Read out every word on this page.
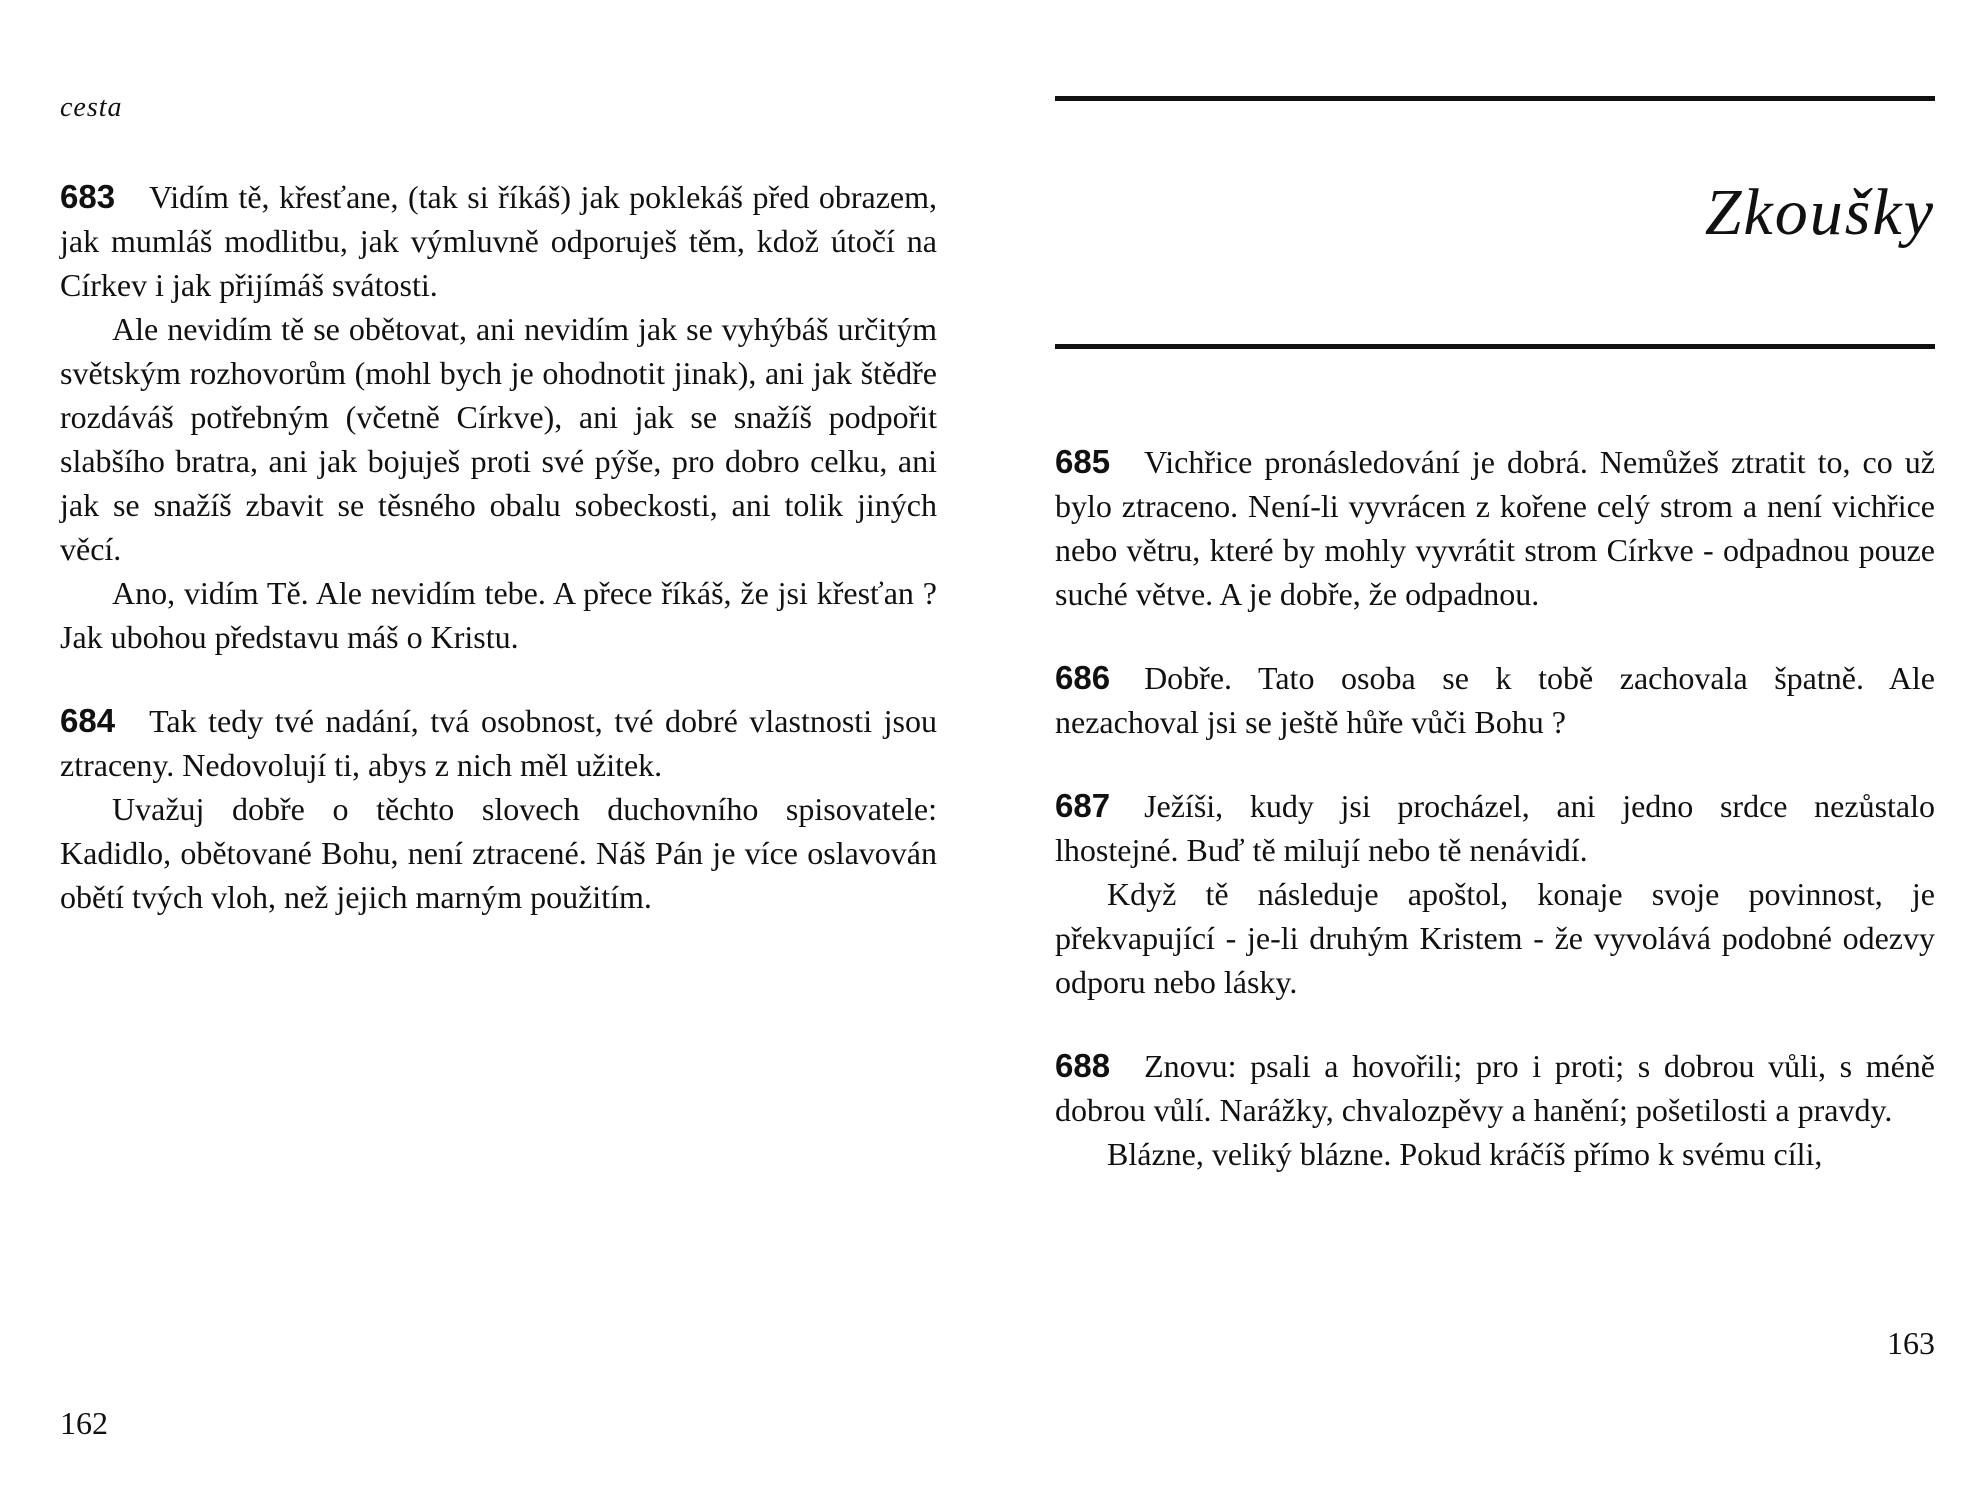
cesta

683 Vidím tě, křesťane, (tak si říkáš) jak poklekáš před obrazem, jak mumláš modlitbu, jak výmluvně odporuješ těm, kdož útočí na Církev i jak přijímáš svátosti.

Ale nevidím tě se obětovat, ani nevidím jak se vyhýbáš určitým světským rozhovorům (mohl bych je ohodnotit jinak), ani jak štědře rozdáváš potřebným (včetně Církve), ani jak se snažíš podpořit slabšího bratra, ani jak bojuješ proti své pýše, pro dobro celku, ani jak se snažíš zbavit se těsného obalu sobeckosti, ani tolik jiných věcí.

Ano, vidím Tě. Ale nevidím tebe. A přece říkáš, že jsi křesťan ? Jak ubohou představu máš o Kristu.

684 Tak tedy tvé nadání, tvá osobnost, tvé dobré vlastnosti jsou ztraceny. Nedovolují ti, abys z nich měl užitek.

Uvažuj dobře o těchto slovech duchovního spisovatele: Kadidlo, obětované Bohu, není ztracené. Náš Pán je více oslavován obětí tvých vloh, než jejich marným použitím.

162
Zkoušky

685 Vichřice pronásledování je dobrá. Nemůžeš ztratit to, co už bylo ztraceno. Není-li vyvrácen z kořene celý strom a není vichřice nebo větru, které by mohly vyvrátit strom Církve - odpadnou pouze suché větve. A je dobře, že odpadnou.

686 Dobře. Tato osoba se k tobě zachovala špatně. Ale nezachoval jsi se ještě hůře vůči Bohu ?

687 Ježíši, kudy jsi procházel, ani jedno srdce nezůstalo lhostejné. Buď tě milují nebo tě nenávidí.

Když tě následuje apoštol, konaje svoje povinnost, je překvapující - je-li druhým Kristem - že vyvolává podobné odezvy odporu nebo lásky.

688 Znovu: psali a hovořili; pro i proti; s dobrou vůli, s méně dobrou vůlí. Narážky, chvalozpěvy a hanění; pošetilosti a pravdy.

Blázne, veliký blázne. Pokud kráčíš přímo k svému cíli,

163
